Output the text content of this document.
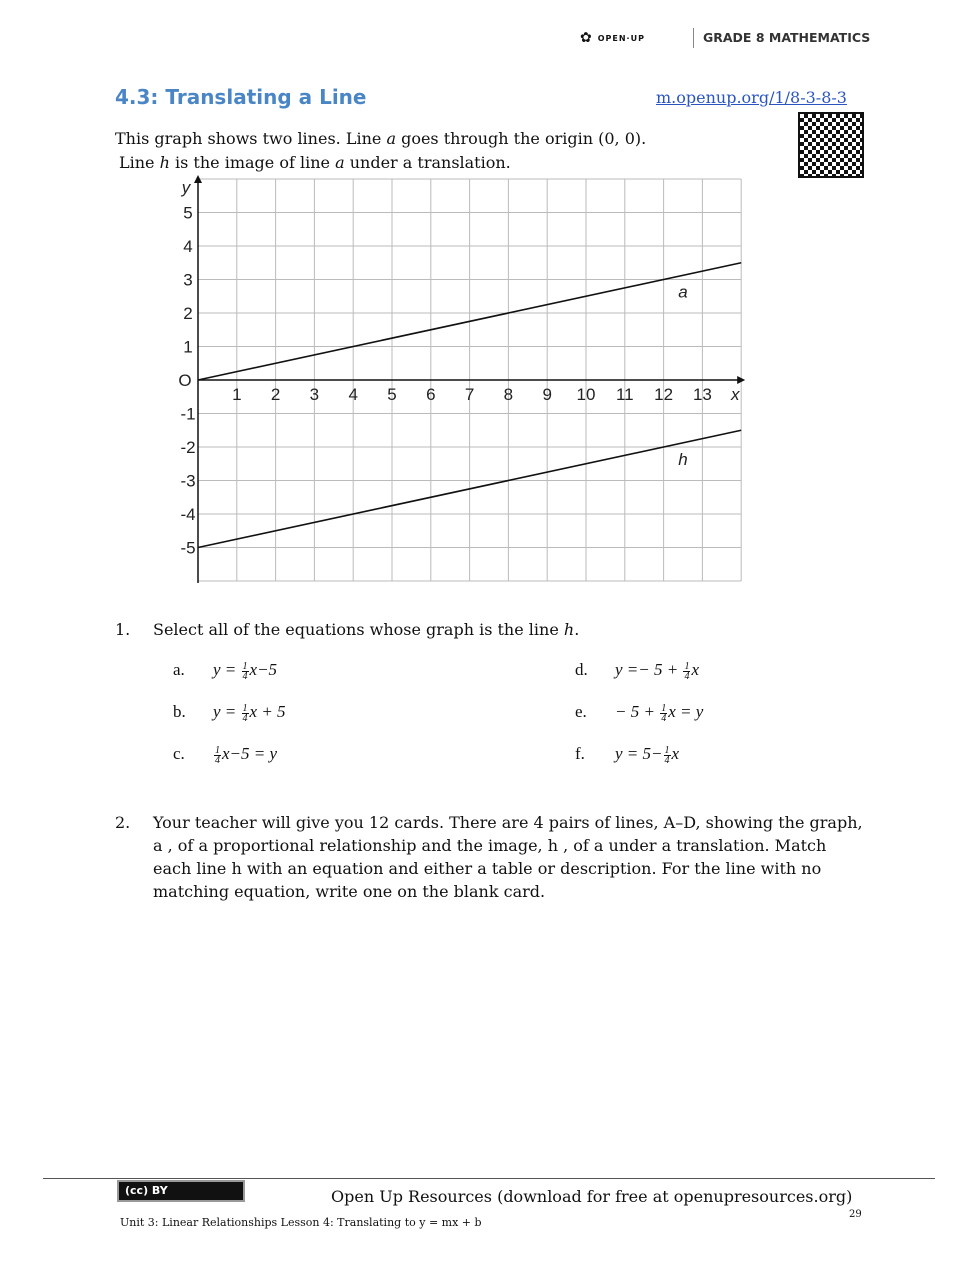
✿ OPEN·UP	GRADE 8 MATHEMATICS
4.3: Translating a Line	m.openup.org/1/8-3-8-3
This graph shows two lines. Line a goes through the origin (0, 0).
Line h is the image of line a under a translation.
1 2 3 4 5 6 7 8 9 10 11 12 13
5
4
3
2
1
-1
-2
-3
-4
-5
O
x
y
a
h
1. Select all of the equations whose graph is the line h.
a. $y = \frac{1}{4} x-5$
b. $y = \frac{1}{4}$ x + 5
c.	$\frac{1}{4} x-5 = y$
d. $y =- 5 + \frac{1}{4}$ x
e. − $5 + \frac{1}{4}$ x = y
f. $y = 5- \frac{1}{4}$ x
2. Your teacher will give you 12 cards. There are 4 pairs of lines, A–D, showing the graph,
a , of a proportional relationship and the image, h , of a under a translation. Match
each line h with an equation and either a table or description. For the line with no
matching equation, write one on the blank card.
(cc) BY	Open Up Resources (download for free at openupresources.org)
29
Unit 3: Linear Relationships Lesson 4: Translating to y = mx + b
